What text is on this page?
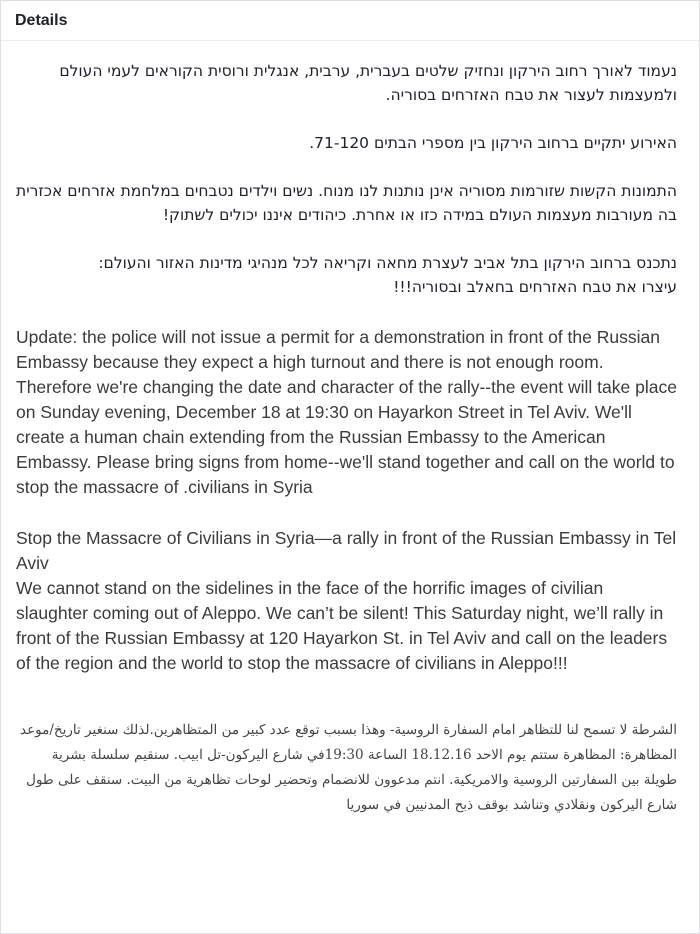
Details

נעמוד לאורך רחוב הירקון ונחזיק שלטים בעברית, ערבית, אנגלית ורוסית הקוראים לעמי העולם ולמעצמות לעצור את טבח האזרחים בסוריה.

האירוע יתקיים ברחוב הירקון בין מספרי הבתים 71-120.

התמונות הקשות שזורמות מסוריה אינן נותנות לנו מנוח. נשים וילדים נטבחים במלחמת אזרחים אכזרית בה מעורבות מעצמות העולם במידה כזו או אחרת. כיהודים איננו יכולים לשתוק!

נתכנס ברחוב הירקון בתל אביב לעצרת מחאה וקריאה לכל מנהיגי מדינות האזור והעולם:
עיצרו את טבח האזרחים בחאלב ובסוריה!!!

Update: the police will not issue a permit for a demonstration in front of the Russian Embassy because they expect a high turnout and there is not enough room. Therefore we're changing the date and character of the rally--the event will take place on Sunday evening, December 18 at 19:30 on Hayarkon Street in Tel Aviv. We'll create a human chain extending from the Russian Embassy to the American Embassy. Please bring signs from home--we'll stand together and call on the world to stop the massacre of .civilians in Syria

Stop the Massacre of Civilians in Syria—a rally in front of the Russian Embassy in Tel Aviv
We cannot stand on the sidelines in the face of the horrific images of civilian slaughter coming out of Aleppo. We can’t be silent! This Saturday night, we’ll rally in front of the Russian Embassy at 120 Hayarkon St. in Tel Aviv and call on the leaders of the region and the world to stop the massacre of civilians in Aleppo!!!

الشرطة لا تسمح لنا للتظاهر امام السفارة الروسية- وهذا بسبب توقع عدد كبير من المتظاهرين.لذلك سنغير تاريخ/موعد المظاهرة: المظاهرة ستتم يوم الاحد 18.12.16 الساعة 19:30في شارع اليركون-تل ابيب. سنقيم سلسلة بشرية طويلة بين السفارتين الروسية والامريكية. انتم مدعوون للانضمام وتحضير لوحات تظاهرية من البيت. سنقف على طول شارع اليركون ونقلادي وتناشد بوقف ذبح المدنيين في سوريا
